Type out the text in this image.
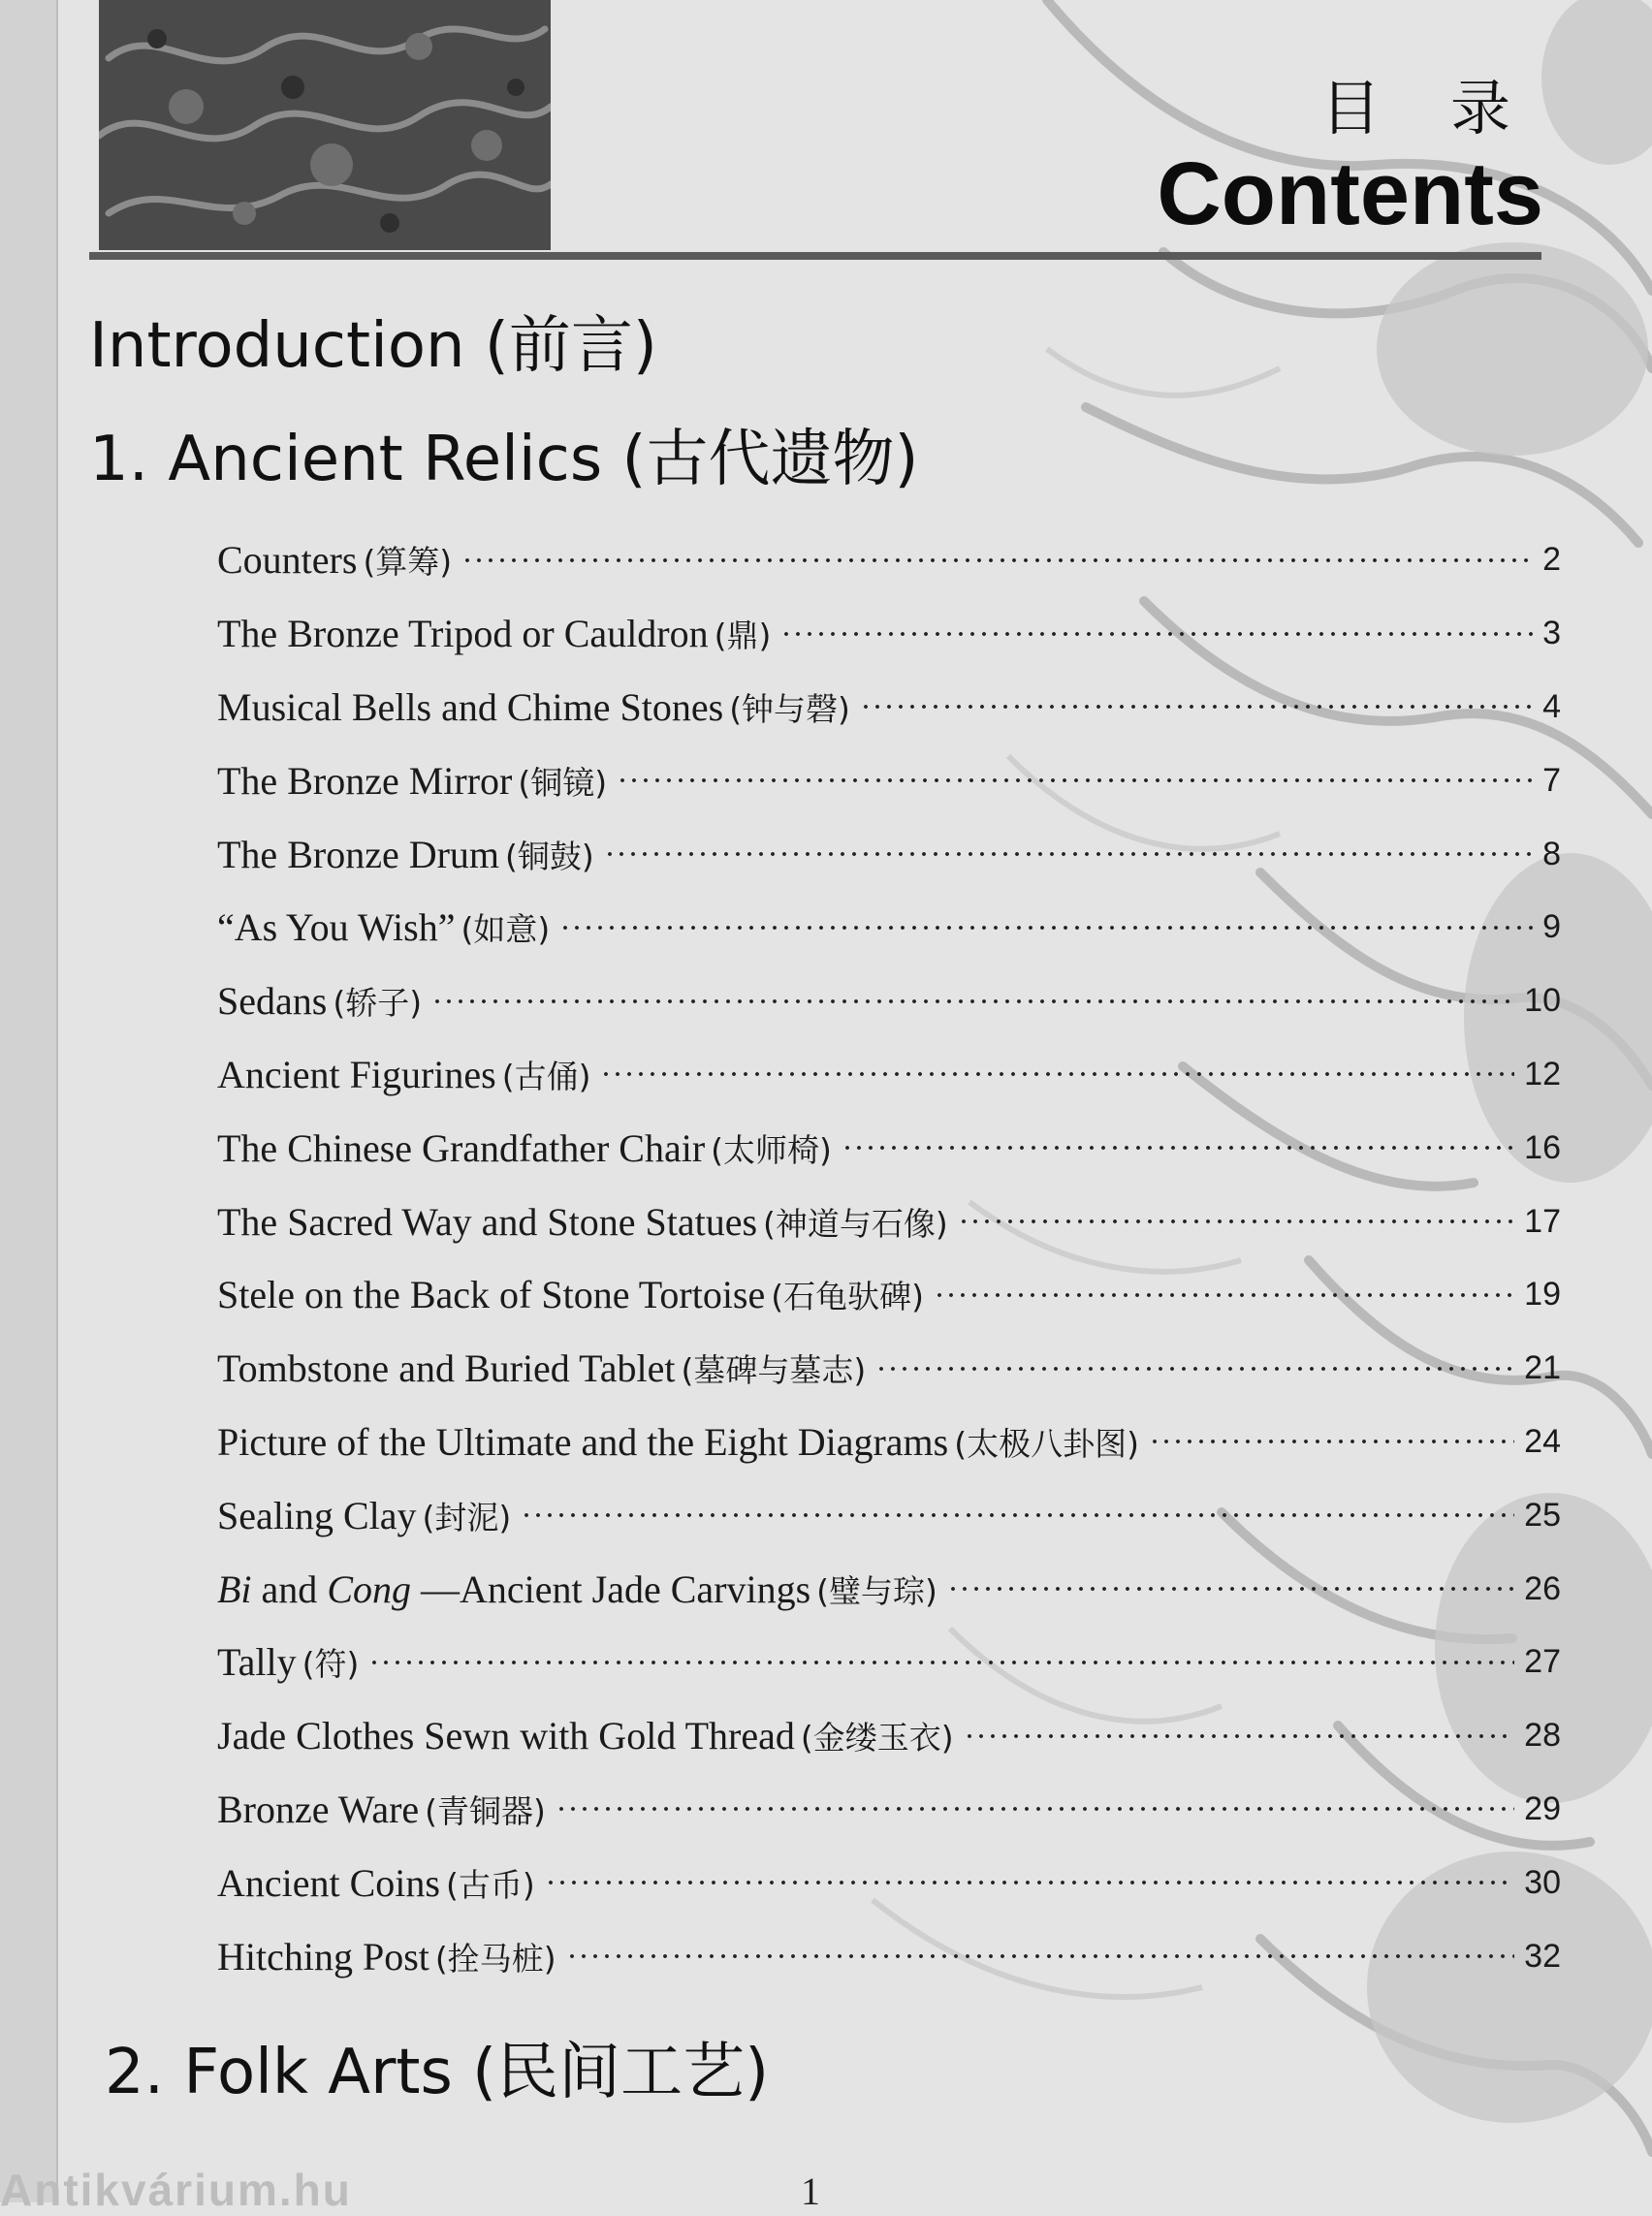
目 录
Contents
Introduction (前言)
1. Ancient Relics (古代遗物)
Counters (算筹)	2
The Bronze Tripod or Cauldron (鼎)	3
Musical Bells and Chime Stones (钟与磬)	4
The Bronze Mirror (铜镜)	7
The Bronze Drum (铜鼓)	8
“As You Wish” (如意)	9
Sedans (轿子)	10
Ancient Figurines (古俑)	12
The Chinese Grandfather Chair (太师椅)	16
The Sacred Way and Stone Statues (神道与石像)	17
Stele on the Back of Stone Tortoise (石龟驮碑)	19
Tombstone and Buried Tablet (墓碑与墓志)	21
Picture of the Ultimate and the Eight Diagrams (太极八卦图)	24
Sealing Clay (封泥)	25
Bi and Cong —Ancient Jade Carvings (璧与琮)	26
Tally (符)	27
Jade Clothes Sewn with Gold Thread (金缕玉衣)	28
Bronze Ware (青铜器)	29
Ancient Coins (古币)	30
Hitching Post (拴马桩)	32
2. Folk Arts (民间工艺)
Antikvárium.hu	1
